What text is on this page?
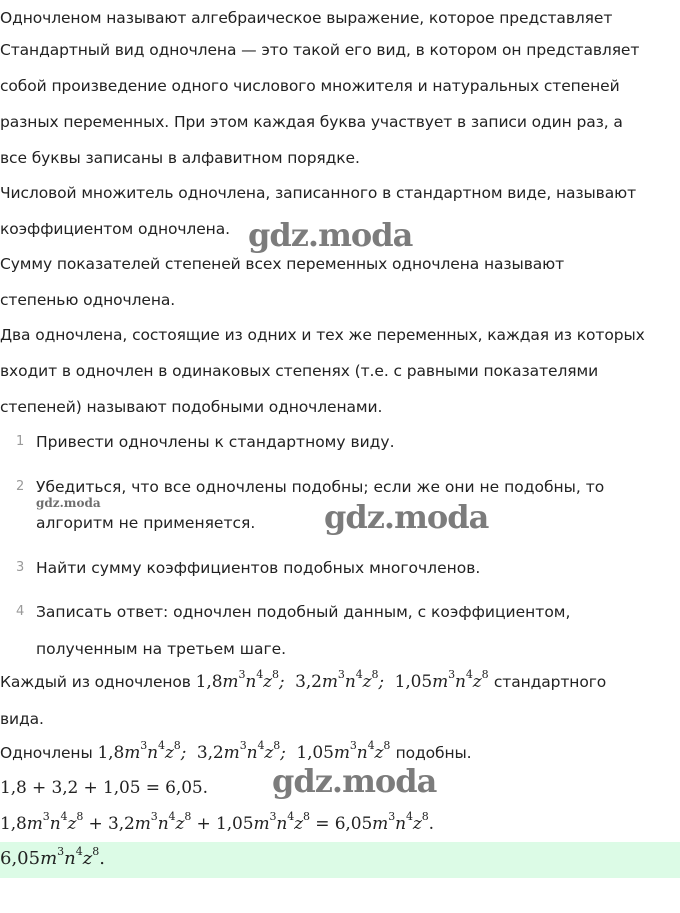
Одночленом называют алгебраическое выражение, которое представляет
Стандартный вид одночлена — это такой его вид, в котором он представляет
собой произведение одного числового множителя и натуральных степеней
разных переменных. При этом каждая буква участвует в записи один раз, а
все буквы записаны в алфавитном порядке.
Числовой множитель одночлена, записанного в стандартном виде, называют
коэффициентом одночлена.
Сумму показателей степеней всех переменных одночлена называют
степенью одночлена.
Два одночлена, состоящие из одних и тех же переменных, каждая из которых
входит в одночлен в одинаковых степенях (т.е. с равными показателями
степеней) называют подобными одночленами.
1 Привести одночлены к стандартному виду.
2 Убедиться, что все одночлены подобны; если же они не подобны, то
алгоритм не применяется.
3 Найти сумму коэффициентов подобных многочленов.
4 Записать ответ: одночлен подобный данным, с коэффициентом,
полученным на третьем шаге.
Каждый из одночленов $1,8m^3n^4z^8$;  $3,2m^3n^4z^8$;  $1,05m^3n^4z^8$ стандартного
вида.
Одночлены $1,8m^3n^4z^8$;  $3,2m^3n^4z^8$;  $1,05m^3n^4z^8$ подобны.
1,8 + 3,2 + 1,05 = 6,05.
$1,8m^3n^4z^8 + 3,2m^3n^4z^8 + 1,05m^3n^4z^8 = 6,05m^3n^4z^8$.
$6,05m^3n^4z^8$.
gdz.moda
gdz.moda	gdz.moda
gdz.moda
